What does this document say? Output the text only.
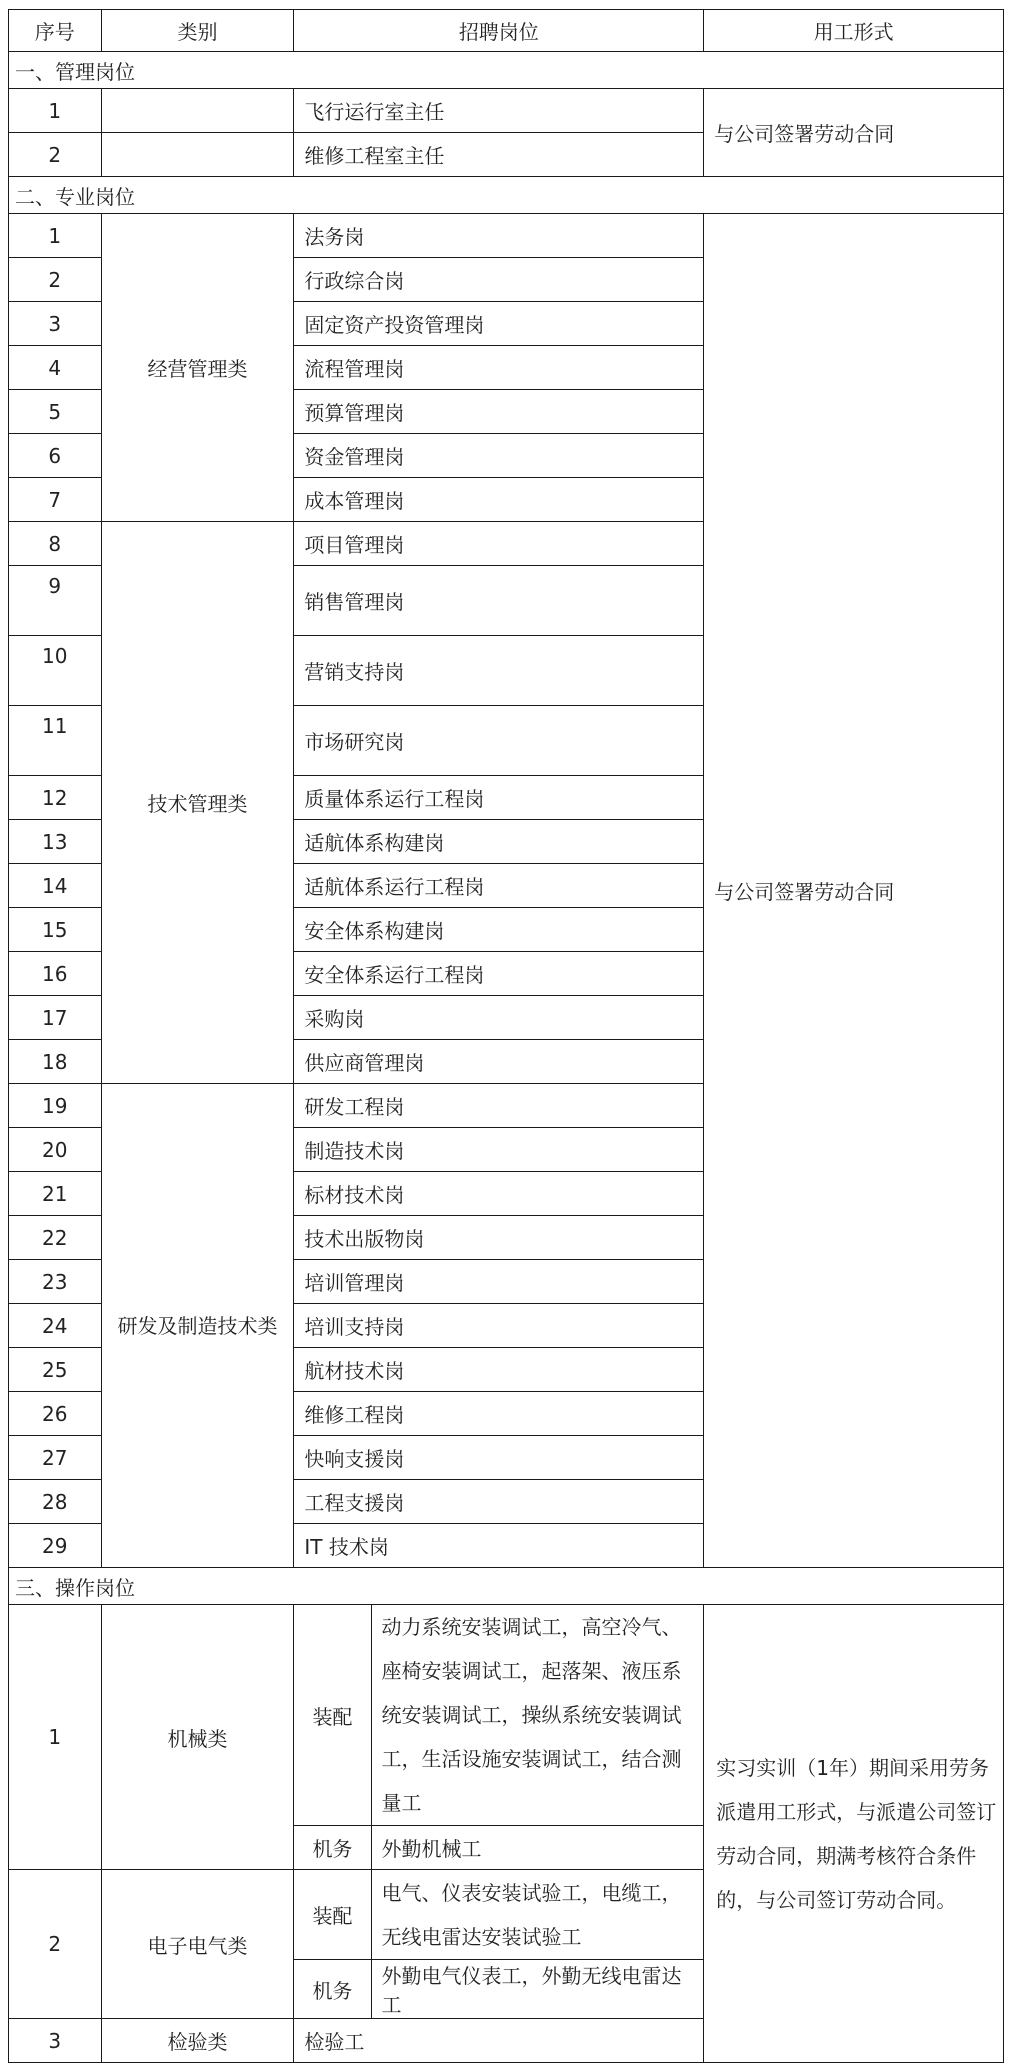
序号	类别	招聘岗位		用工形式
一、管理岗位				
1		飞行运行室主任		与公司签署劳动合同
2		维修工程室主任		
二、专业岗位				
1	经营管理类	法务岗		与公司签署劳动合同
2		行政综合岗		
3		固定资产投资管理岗		
4		流程管理岗		
5		预算管理岗		
6		资金管理岗		
7		成本管理岗		
8	技术管理类	项目管理岗		
9		销售管理岗		
10		营销支持岗		
11		市场研究岗		
12		质量体系运行工程岗		
13		适航体系构建岗		
14		适航体系运行工程岗		
15		安全体系构建岗		
16		安全体系运行工程岗		
17		采购岗		
18		供应商管理岗		
19	研发及制造技术类	研发工程岗		
20		制造技术岗		
21		标材技术岗		
22		技术出版物岗		
23		培训管理岗		
24		培训支持岗		
25		航材技术岗		
26		维修工程岗		
27		快响支援岗		
28		工程支援岗		
29		IT 技术岗		
三、操作岗位				
1	机械类	装配	动力系统安装调试工，高空冷气、座椅安装调试工，起落架、液压系统安装调试工，操纵系统安装调试工，生活设施安装调试工，结合测量工	实习实训（1年）期间采用劳务派遣用工形式，与派遣公司签订劳动合同，期满考核符合条件的，与公司签订劳动合同。
		机务	外勤机械工	
2	电子电气类	装配	电气、仪表安装试验工，电缆工，无线电雷达安装试验工	
		机务	外勤电气仪表工，外勤无线电雷达工	
3	检验类	检验工		
